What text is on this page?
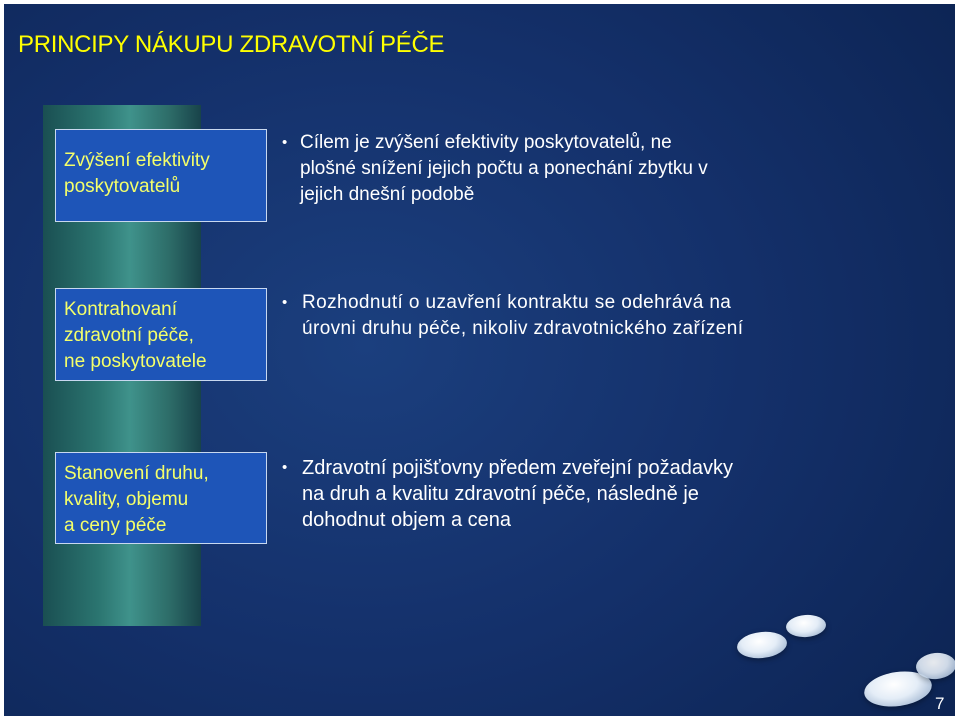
PRINCIPY NÁKUPU ZDRAVOTNÍ PÉČE
Zvýšení efektivity
poskytovatelů
• Cílem je zvýšení efektivity poskytovatelů, ne
plošné snížení jejich počtu a ponechání zbytku v
jejich dnešní podobě
Kontrahovaní
zdravotní péče,
ne poskytovatele
• Rozhodnutí o uzavření kontraktu se odehrává na
úrovni druhu péče, nikoliv zdravotnického zařízení
Stanovení druhu,
kvality, objemu
a ceny péče
• Zdravotní pojišťovny předem zveřejní požadavky
na druh a kvalitu zdravotní péče, následně je
dohodnut objem a cena

7
